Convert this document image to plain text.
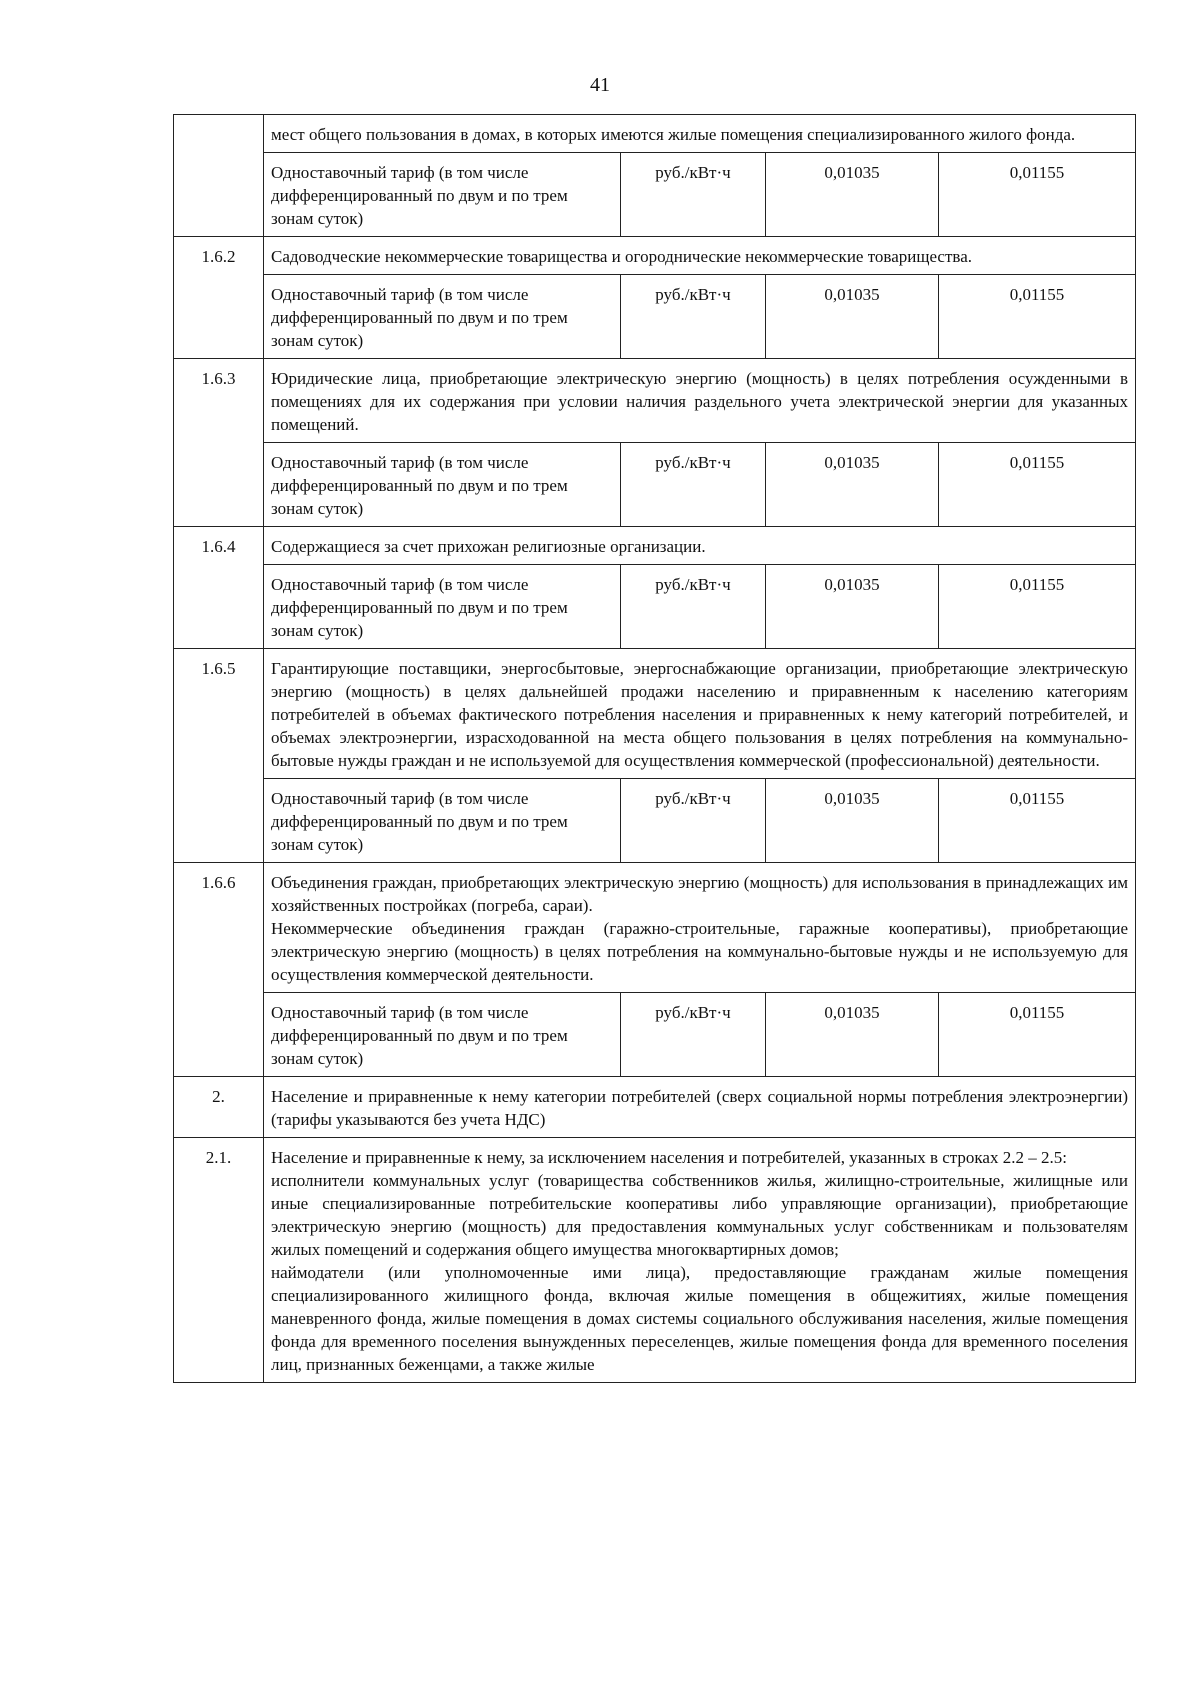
41

	мест общего пользования в домах, в которых имеются жилые помещения специализированного жилого фонда.			

	Одноставочный тариф (в том числе дифференцированный по двум и по трем зонам суток)	руб./кВт·ч	0,01035	0,01155
1.6.2	Садоводческие некоммерческие товарищества и огороднические некоммерческие товарищества.			

	Одноставочный тариф (в том числе дифференцированный по двум и по трем зонам суток)	руб./кВт·ч	0,01035	0,01155
1.6.3	Юридические лица, приобретающие электрическую энергию (мощность) в целях потребления осужденными в помещениях для их содержания при условии наличия раздельного учета электрической энергии для указанных помещений.			

	Одноставочный тариф (в том числе дифференцированный по двум и по трем зонам суток)	руб./кВт·ч	0,01035	0,01155
1.6.4	Содержащиеся за счет прихожан религиозные организации.			

	Одноставочный тариф (в том числе дифференцированный по двум и по трем зонам суток)	руб./кВт·ч	0,01035	0,01155
1.6.5	Гарантирующие поставщики, энергосбытовые, энергоснабжающие организации, приобретающие электрическую энергию (мощность) в целях дальнейшей продажи населению и приравненным к населению категориям потребителей в объемах фактического потребления населения и приравненных к нему категорий потребителей, и объемах электроэнергии, израсходованной на места общего пользования в целях потребления на коммунально-бытовые нужды граждан и не используемой для осуществления коммерческой (профессиональной) деятельности.			

	Одноставочный тариф (в том числе дифференцированный по двум и по трем зонам суток)	руб./кВт·ч	0,01035	0,01155
1.6.6	Объединения граждан, приобретающих электрическую энергию (мощность) для использования в принадлежащих им хозяйственных постройках (погреба, сараи).
Некоммерческие объединения граждан (гаражно-строительные, гаражные кооперативы), приобретающие электрическую энергию (мощность) в целях потребления на коммунально-бытовые нужды и не используемую для осуществления коммерческой деятельности.			

	Одноставочный тариф (в том числе дифференцированный по двум и по трем зонам суток)	руб./кВт·ч	0,01035	0,01155
2.	Население и приравненные к нему категории потребителей (сверх социальной нормы потребления электроэнергии) (тарифы указываются без учета НДС)			

2.1.	Население и приравненные к нему, за исключением населения и потребителей, указанных в строках 2.2 – 2.5:
исполнители коммунальных услуг (товарищества собственников жилья, жилищно-строительные, жилищные или иные специализированные потребительские кооперативы либо управляющие организации), приобретающие электрическую энергию (мощность) для предоставления коммунальных услуг собственникам и пользователям жилых помещений и содержания общего имущества многоквартирных домов;
наймодатели (или уполномоченные ими лица), предоставляющие гражданам жилые помещения специализированного жилищного фонда, включая жилые помещения в общежитиях, жилые помещения маневренного фонда, жилые помещения в домах системы социального обслуживания населения, жилые помещения фонда для временного поселения вынужденных переселенцев, жилые помещения фонда для временного поселения лиц, признанных беженцами, а также жилые			
